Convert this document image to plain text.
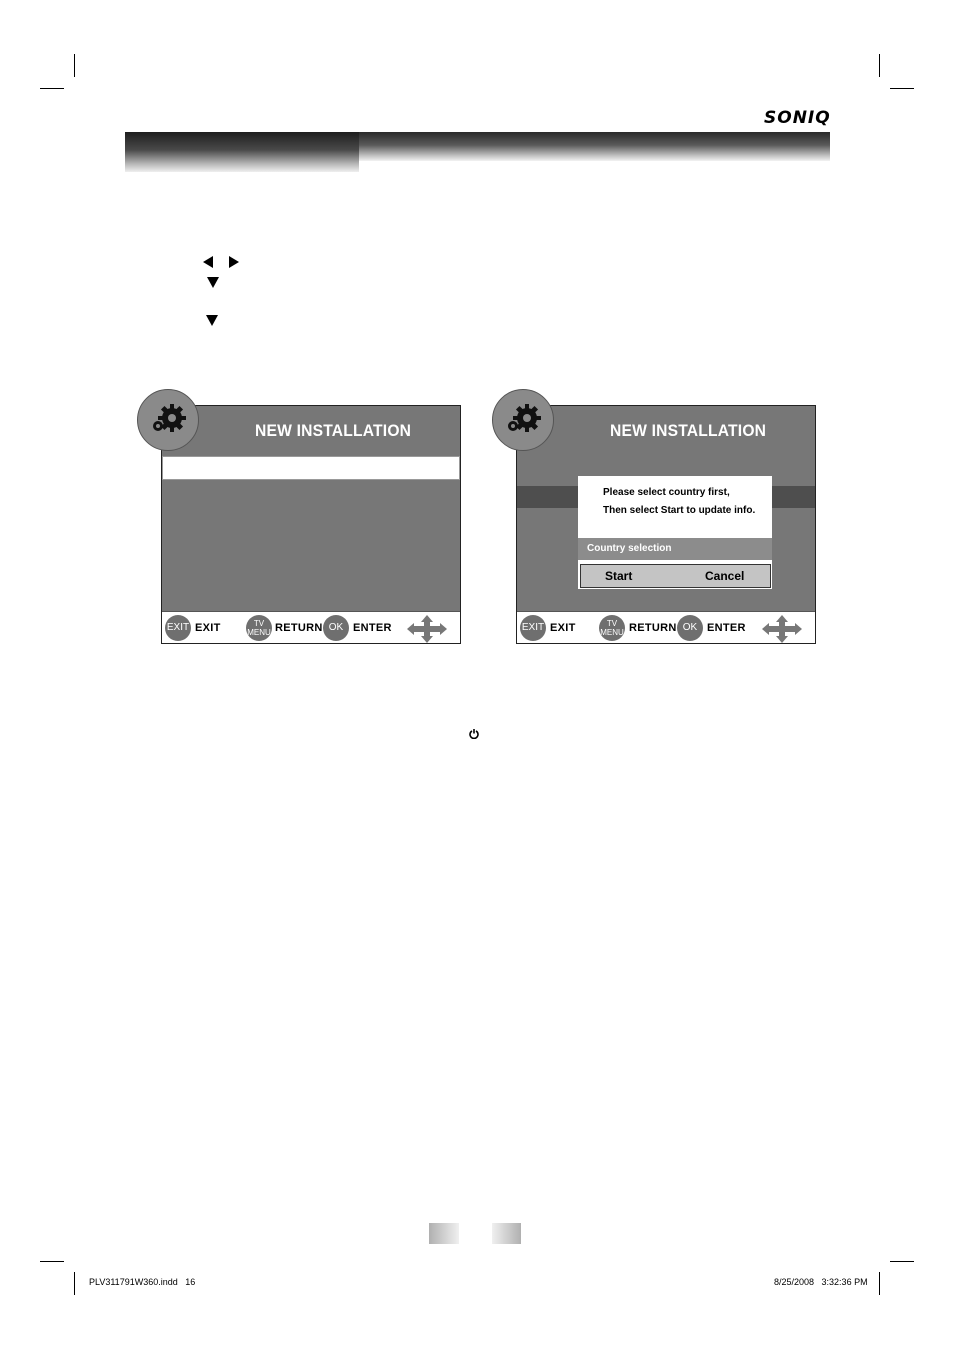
SONIQ
NEW INSTALLATION
EXIT EXIT	TV
MENU RETURN OK ENTER
NEW INSTALLATION
Please select country first,
Then select Start to update info.
Country selection
Start	Cancel
EXIT EXIT	TV
MENU RETURN OK ENTER
PLV311791W360.indd   16	8/25/2008   3:32:36 PM
